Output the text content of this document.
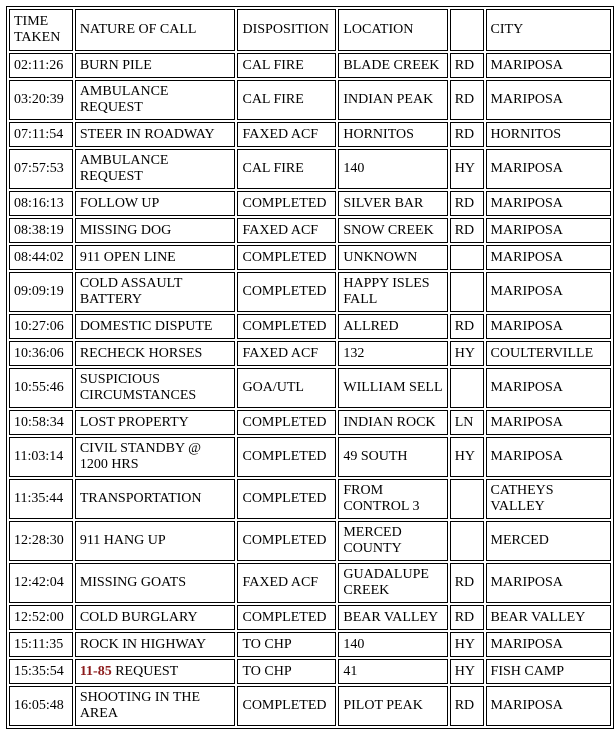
TIME TAKEN	NATURE OF CALL	DISPOSITION	LOCATION		CITY
02:11:26	BURN PILE	CAL FIRE	BLADE CREEK	RD	MARIPOSA
03:20:39	AMBULANCE REQUEST	CAL FIRE	INDIAN PEAK	RD	MARIPOSA
07:11:54	STEER IN ROADWAY	FAXED ACF	HORNITOS	RD	HORNITOS
07:57:53	AMBULANCE REQUEST	CAL FIRE	140	HY	MARIPOSA
08:16:13	FOLLOW UP	COMPLETED	SILVER BAR	RD	MARIPOSA
08:38:19	MISSING DOG	FAXED ACF	SNOW CREEK	RD	MARIPOSA
08:44:02	911 OPEN LINE	COMPLETED	UNKNOWN		MARIPOSA
09:09:19	COLD ASSAULT BATTERY	COMPLETED	HAPPY ISLES FALL		MARIPOSA
10:27:06	DOMESTIC DISPUTE	COMPLETED	ALLRED	RD	MARIPOSA
10:36:06	RECHECK HORSES	FAXED ACF	132	HY	COULTERVILLE
10:55:46	SUSPICIOUS CIRCUMSTANCES	GOA/UTL	WILLIAM SELL		MARIPOSA
10:58:34	LOST PROPERTY	COMPLETED	INDIAN ROCK	LN	MARIPOSA
11:03:14	CIVIL STANDBY @ 1200 HRS	COMPLETED	49 SOUTH	HY	MARIPOSA
11:35:44	TRANSPORTATION	COMPLETED	FROM CONTROL 3		CATHEYS VALLEY
12:28:30	911 HANG UP	COMPLETED	MERCED COUNTY		MERCED
12:42:04	MISSING GOATS	FAXED ACF	GUADALUPE CREEK	RD	MARIPOSA
12:52:00	COLD BURGLARY	COMPLETED	BEAR VALLEY	RD	BEAR VALLEY
15:11:35	ROCK IN HIGHWAY	TO CHP	140	HY	MARIPOSA
15:35:54	11-85 REQUEST	TO CHP	41	HY	FISH CAMP
16:05:48	SHOOTING IN THE AREA	COMPLETED	PILOT PEAK	RD	MARIPOSA
